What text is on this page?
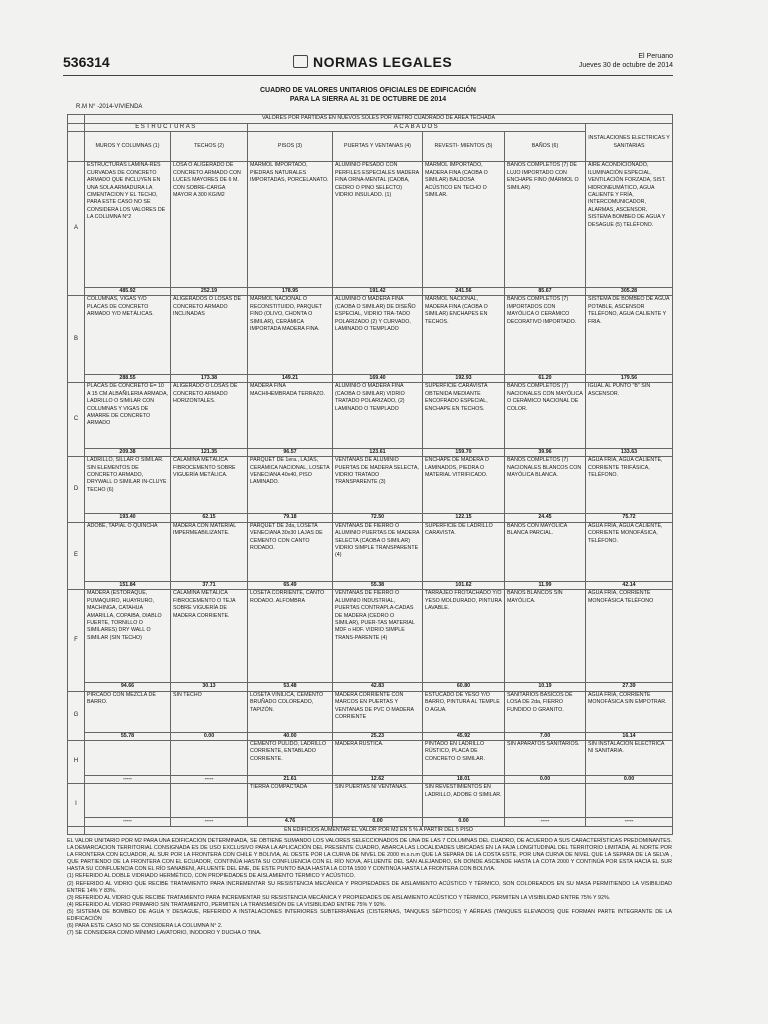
536314	NORMAS LEGALES	El Peruano
Jueves 30 de octubre de 2014
CUADRO DE VALORES UNITARIOS OFICIALES DE EDIFICACIÓN
PARA LA SIERRA AL 31 DE OCTUBRE DE 2014
R.M N° -2014-VIVIENDA
	VALORES POR PARTIDAS EN NUEVOS SOLES POR METRO CUADRADO DE AREA TECHADA						
	ESTRUCTURAS		ACABADOS				INSTALACIONES ELECTRICAS Y SANITARIAS
	MUROS Y COLUMNAS (1)	TECHOS (2)	PISOS (3)	PUERTAS Y VENTANAS (4)	REVESTI- MIENTOS (5)	BAÑOS (6)	
A	ESTRUCTURAS LAMINA-RES CURVADAS DE CONCRETO ARMADO QUE INCLUYEN EN UNA SOLA ARMADURA LA CIMENTACION Y EL TECHO, PARA ESTE CASO NO SE CONSIDERA LOS VALORES DE LA COLUMNA N°2	LOSA O ALIGERADO DE CONCRETO ARMADO CON LUCES MAYORES DE 6 M. CON SOBRE-CARGA MAYOR A 300 KG/M2	MÁRMOL IMPORTADO, PIEDRAS NATURALES IMPORTADAS, PORCELANATO.	ALUMINIO PESADO CON PERFILES ESPECIALES MADERA FINA ORNA-MENTAL (CAOBA, CEDRO O PINO SELECTO) VIDRIO INSULADO. (1)	MÁRMOL IMPORTADO, MADERA FINA (CAOBA O SIMILAR) BALDOSA ACÚSTICO EN TECHO O SIMILAR.	BAÑOS COMPLETOS (7) DE LUJO IMPORTADO CON ENCHAPE FINO (MÁRMOL O SIMILAR)	AIRE ACONDICIONADO, ILUMINACIÓN ESPECIAL, VENTILACIÓN FORZADA, SIST. HIDRONEUMÁTICO, AGUA CALIENTE Y FRÍA, INTERCOMUNICADOR, ALARMAS, ASCENSOR, SISTEMA BOMBEO DE AGUA Y DESAGUE (5) TELÉFONO.
	485.92	252.19	178.95	191.42	241.56	85.67	305.28
B	COLUMNAS, VIGAS Y/O PLACAS DE CONCRETO ARMADO Y/O METÁLICAS.	ALIGERADOS O LOSAS DE CONCRETO ARMADO INCLINADAS	MÁRMOL NACIONAL O RECONSTITUIDO, PARQUET FINO (OLIVO, CHONTA O SIMILAR), CERÁMICA IMPORTADA MADERA FINA.	ALUMINIO O MADERA FINA (CAOBA O SIMILAR) DE DISEÑO ESPECIAL, VIDRIO TRA-TADO POLARIZADO (2) Y CURVADO, LAMINADO O TEMPLADO	MÁRMOL NACIONAL, MADERA FINA (CAOBA O SIMILAR) ENCHAPES EN TECHOS.	BAÑOS COMPLETOS (7) IMPORTADOS CON MAYÓLICA O CERÁMICO DECORATIVO IMPORTADO.	SISTEMA DE BOMBEO DE AGUA POTABLE, ASCENSOR TELÉFONO, AGUA CALIENTE Y FRIA.
	288.55	173.38	149.21	169.40	192.93	61.20	179.56
C	PLACAS DE CONCRETO E= 10 A 15 CM.ALBAÑILERIA ARMADA, LADRILLO O SIMILAR CON COLUMNAS Y VIGAS DE AMARRE DE CONCRETO ARMADO	ALIGERADO O LOSAS DE CONCRETO ARMADO HORIZONTALES.	MADERA FINA MACHIHEMBRADA TERRAZO.	ALUMINIO O MADERA FINA (CAOBA O SIMILAR) VIDRIO TRATADO POLARIZADO, (2) LAMINADO O TEMPLADO	SUPERFICIE CARAVISTA OBTENIDA MEDIANTE ENCOFRADO ESPECIAL, ENCHAPE EN TECHOS.	BAÑOS COMPLETOS (7) NACIONALES CON MAYÓLICA O CERÁMICO NACIONAL DE COLOR.	IGUAL AL PUNTO "B" SIN ASCENSOR.
	209.38	121.35	96.57	123.61	159.70	39.96	133.63
D	LADRILLO, SILLAR O SIMILAR. SIN ELEMENTOS DE CONCRETO ARMADO, DRYWALL O SIMILAR IN-CLUYE TECHO (6)	CALAMINA METÁLICA FIBROCEMENTO SOBRE VIGUERÍA METÁLICA.	PARQUET DE 1era., LAJAS, CERÁMICA NACIONAL, LOSETA VENECIANA 40x40, PISO LAMINADO.	VENTANAS DE ALUMINIO PUERTAS DE MADERA SELECTA, VIDRIO TRATADO TRANSPARENTE (3)	ENCHAPE DE MADERA O LAMINADOS, PIEDRA O MATERIAL VITRIFICADO.	BAÑOS COMPLETOS (7) NACIONALES BLANCOS CON MAYÓLICA BLANCA.	AGUA FRÍA, AGUA CALIENTE, CORRIENTE TRIFÁSICA, TELÉFONO.
	193.40	62.15	79.18	72.50	122.15	24.45	75.72
E	ADOBE, TAPIAL O QUINCHA	MADERA CON MATERIAL IMPERMEABILIZANTE.	PARQUET DE 2da, LOSETA VENECIANA 30x30 LAJAS DE CEMENTO CON CANTO RODADO.	VENTANAS DE FIERRO O ALUMINIO PUERTAS DE MADERA SELECTA (CAOBA O SIMILAR) VIDRIO SIMPLE TRANSPARENTE (4)	SUPERFICIE DE LADRILLO CARAVISTA.	BAÑOS CON MAYÓLICA BLANCA PARCIAL.	AGUA FRÍA, AGUA CALIENTE, CORRIENTE MONOFÁSICA, TELÉFONO.
	151.84	37.71	65.49	55.38	101.62	11.99	42.14
F	MADERA (ESTORAQUE, PUMAQUIRO, HUAYRURO, MACHINGA, CATAHUA AMARILLA, COPAIBA, DIABLO FUERTE, TORNILLO O SIMILARES) DRY WALL O SIMILAR (SIN TECHO)	CALAMINA METÁLICA FIBROCEMENTO O TEJA SOBRE VIGUERÍA DE MADERA CORRIENTE.	LOSETA CORRIENTE, CANTO RODADO. ALFOMBRA	VENTANAS DE FIERRO O ALUMINIO INDUSTRIAL, PUERTAS CONTRAPLA-CADAS DE MADERA (CEDRO O SIMILAR), PUER-TAS MATERIAL MDF o HDF. VIDRIO SIMPLE TRANS-PARENTE (4)	TARRAJEO FROTACHADO Y/O YESO MOLDURADO, PINTURA LAVABLE.	BAÑOS BLANCOS SIN MAYÓLICA.	AGUA FRÍA, CORRIENTE MONOFÁSICA TELÉFONO
	94.66	30.13	53.48	42.83	60.80	10.19	27.39
G	PIRCADO CON MEZCLA DE BARRO.	SIN TECHO	LOSETA VINÍLICA, CEMENTO BRUÑADO COLOREADO, TAPIZÓN.	MADERA CORRIENTE CON MARCOS EN PUERTAS Y VENTANAS DE PVC O MADERA CORRIENTE	ESTUCADO DE YESO Y/O BARRO, PINTURA AL TEMPLE O AGUA.	SANITARIOS BÁSICOS DE LOSA DE 2da, FIERRO FUNDIDO O GRANITO.	AGUA FRÍA, CORRIENTE MONOFÁSICA SIN EMPOTRAR.
	55.78	0.00	40.00	25.23	45.92	7.00	16.14
H			CEMENTO PULIDO, LADRILLO CORRIENTE, ENTABLADO CORRIENTE.	MADERA RÚSTICA.	PINTADO EN LADRILLO RÚSTICO, PLACA DE CONCRETO O SIMILAR.	SIN APARATOS SANITARIOS.	SIN INSTALACIÓN ELECTRICA NI SANITARIA.
	-----	-----	21.61	12.62	18.01	0.00	0.00
I			TIERRA COMPACTADA	SIN PUERTAS NI VENTANAS.	SIN REVESTIMIENTOS EN LADRILLO, ADOBE O SIMILAR.		
	-----	-----	4.76	0.00	0.00	-----	-----
	EN EDIFICIOS AUMENTAR EL VALOR POR M2 EN 5 % A PARTIR DEL 5 PISO						

EL VALOR UNITARIO POR M2 PARA UNA EDIFICACION DETERMINADA, SE OBTIENE SUMANDO LOS VALORES SELECCIONADOS DE UNA DE LAS 7 COLUMNAS DEL CUADRO, DE ACUERDO A SUS CARACTERÍSTICAS PREDOMINANTES. LA DEMARCACION TERRITORIAL CONSIGNADA ES DE USO EXCLUSIVO PARA LA APLICACIÓN DEL PRESENTE CUADRO, ABARCA LAS LOCALIDADES UBICADAS EN LA FAJA LONGITUDINAL DEL TERRITORIO LIMITADA, AL NORTE POR LA FRONTERA CON ECUADOR, AL SUR POR LA FRONTERA CON CHILE Y BOLIVIA, AL OESTE POR LA CURVA DE NIVEL DE 2000 m.s.n.m QUE LA SEPARA DE LA COSTA ESTE, POR UNA CURVA DE NIVEL QUE LA SEPARA DE LA SELVA , QUE PARTIENDO DE LA FRONTERA CON EL ECUADOR, CONTINÚA HASTA SU CONFLUENCIA CON EL RÍO NOVA, AFLUENTE DEL SAN ALEJANDRO, EN DONDE ASCIENDE HASTA LA COTA 2000 Y CONTINÚA POR ESTA HACIA EL SUR HASTA SU CONFLUENCIA CON EL RÍO SANABENI, AFLUENTE DEL ENE, DE ESTE PUNTO BAJA HASTA LA COTA 1500 Y CONTINÚA HASTA LA FRONTERA CON BOLIVIA.

(1) REFERIDO AL DOBLE VIDRIADO HERMÉTICO, CON PROPIEDADES DE AISLAMIENTO TÉRMICO Y ACÚSTICO.

(2) REFERIDO AL VIDRIO QUE RECIBE TRATAMIENTO PARA INCREMENTAR SU RESISTENCIA MECÁNICA Y PROPIEDADES DE AISLAMIENTO ACÚSTICO Y TÉRMICO, SON COLOREADOS EN SU MASA PERMITIENDO LA VISIBILIDAD ENTRE 14% Y 83%.

(3) REFERIDO AL VIDRIO QUE RECIBE TRATAMIENTO PARA INCREMENTAR SU RESISTENCIA MECÁNICA Y PROPIEDADES DE AISLAMIENTO ACÚSTICO Y TÉRMICO, PERMITEN LA VISIBILIDAD ENTRE 75% Y 92%.

(4) REFERIDO AL VIDRIO PRIMARIO SIN TRATAMIENTO, PERMITEN LA TRANSMISIÓN DE LA VISIBILIDAD ENTRE 75% Y 92%.

(5) SISTEMA DE BOMBEO DE AGUA Y DESAGUE, REFERIDO A INSTALACIONES INTERIORES SUBTERRÁNEAS (CISTERNAS, TANQUES SÉPTICOS) Y AÉREAS (TANQUES ELEVADOS) QUE FORMAN PARTE INTEGRANTE DE LA EDIFICACIÓN

(6) PARA ESTE CASO NO SE CONSIDERA LA COLUMNA N° 2.

(7) SE CONSIDERA COMO MÍNIMO LAVATORIO, INODORO Y DUCHA O TINA.
